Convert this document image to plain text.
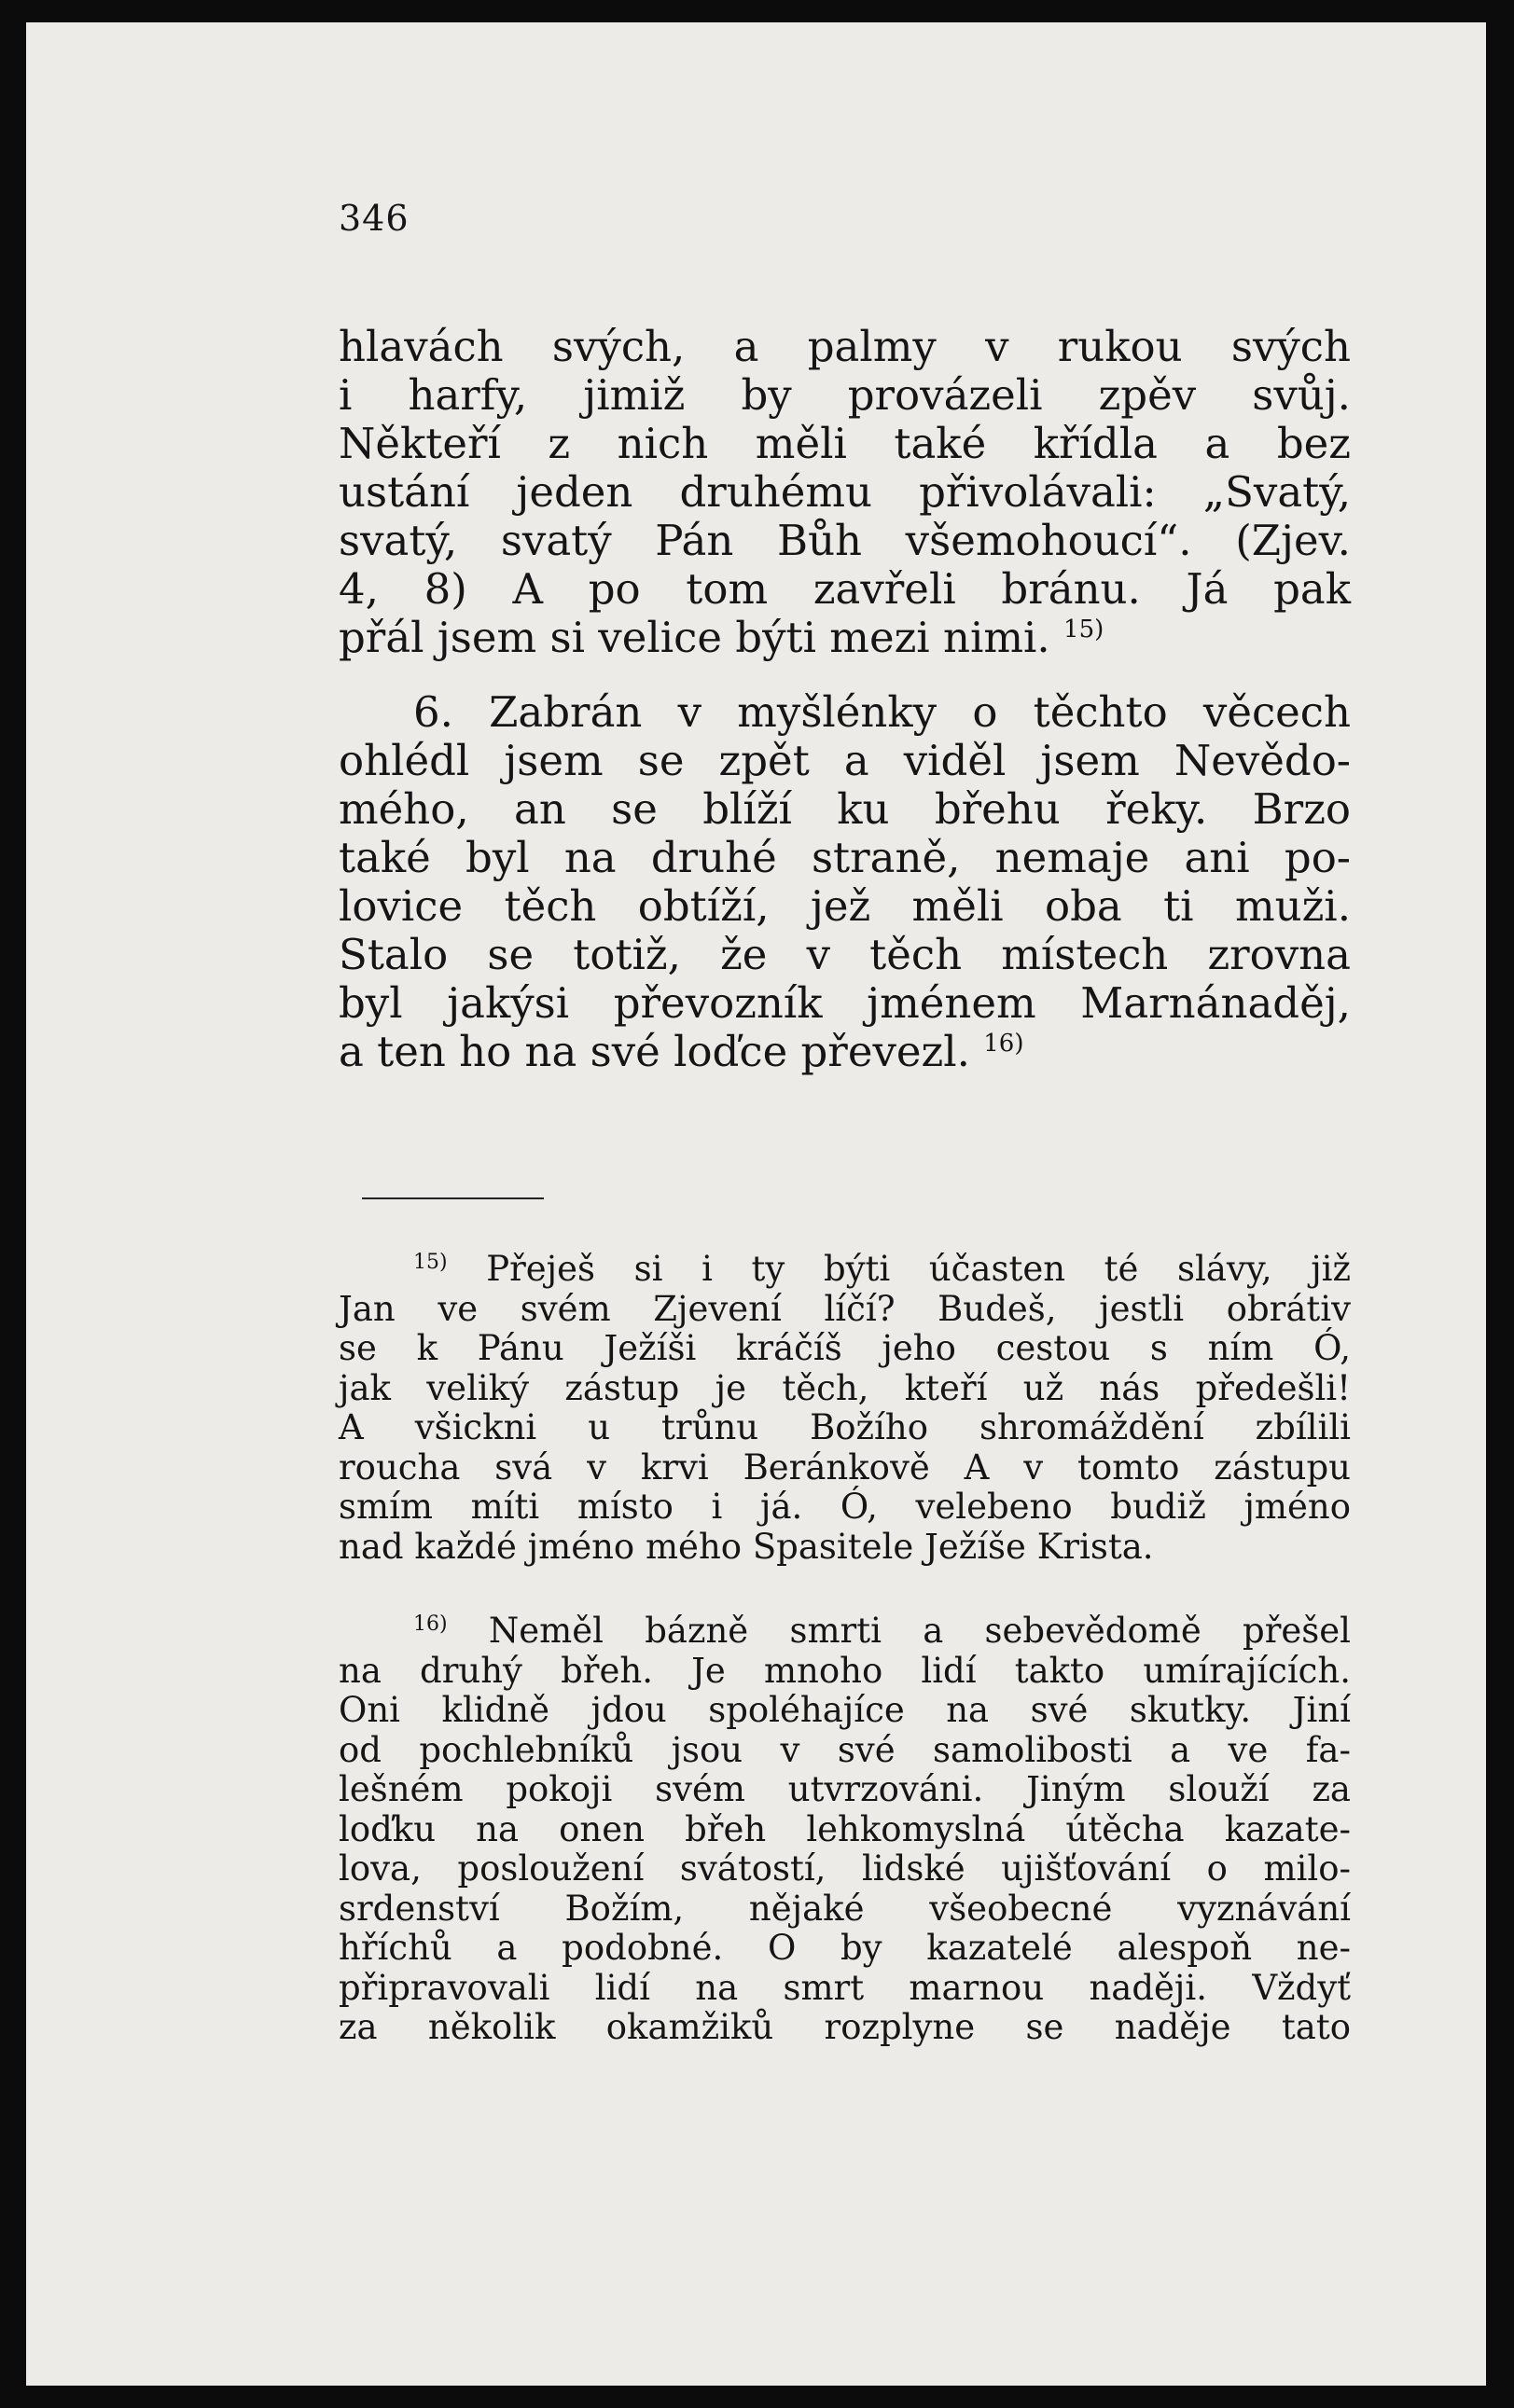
346
hlavách svých, a palmy v rukou svých
i harfy, jimiž by provázeli zpěv svůj.
Někteří z nich měli také křídla a bez
ustání jeden druhému přivolávali: „Svatý,
svatý, svatý Pán Bůh všemohoucí“. (Zjev.
4, 8) A po tom zavřeli bránu. Já pak
přál jsem si velice býti mezi nimi. $^{15)}$
6. Zabrán v myšlénky o těchto věcech
ohlédl jsem se zpět a viděl jsem Nevědo-
mého, an se blíží ku břehu řeky. Brzo
také byl na druhé straně, nemaje ani po-
lovice těch obtíží, jež měli oba ti muži.
Stalo se totiž, že v těch místech zrovna
byl jakýsi převozník jménem Marnánaděj,
a ten ho na své loďce převezl. $^{16)}$
$^{15)}$ Přeješ si i ty býti účasten té slávy, již
Jan ve svém Zjevení líčí? Budeš, jestli obrátiv
se k Pánu Ježíši kráčíš jeho cestou s ním Ó,
jak veliký zástup je těch, kteří už nás předešli!
A všickni u trůnu Božího shromáždění zbílili
roucha svá v krvi Beránkově A v tomto zástupu
smím míti místo i já. Ó, velebeno budiž jméno
nad každé jméno mého Spasitele Ježíše Krista.
$^{16)}$ Neměl bázně smrti a sebevědomě přešel
na druhý břeh. Je mnoho lidí takto umírajících.
Oni klidně jdou spoléhajíce na své skutky. Jiní
od pochlebníků jsou v své samolibosti a ve fa-
lešném pokoji svém utvrzováni. Jiným slouží za
loďku na onen břeh lehkomyslná útěcha kazate-
lova, posloužení svátostí, lidské ujišťování o milo-
srdenství Božím, nějaké všeobecné vyznávání
hříchů a podobné. O by kazatelé alespoň ne-
připravovali lidí na smrt marnou naději. Vždyť
za několik okamžiků rozplyne se naděje tato
